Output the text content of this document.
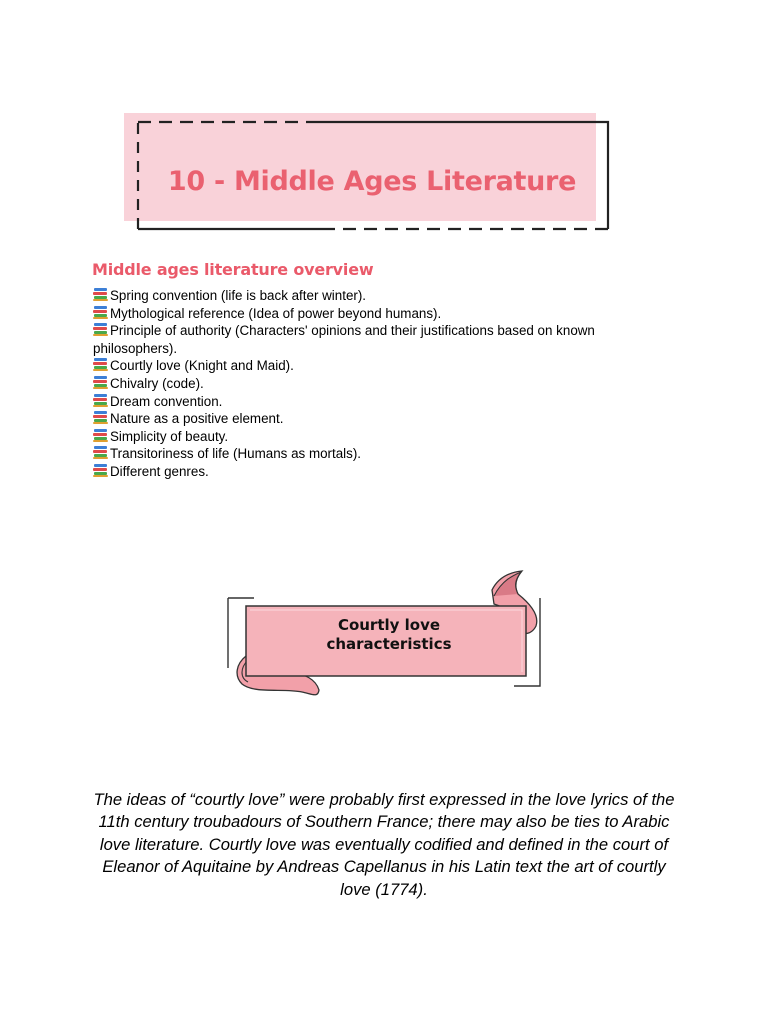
10 - Middle Ages Literature
Middle ages literature overview
Spring convention (life is back after winter).
Mythological reference (Idea of power beyond humans).
Principle of authority (Characters' opinions and their justifications based on known philosophers).
Courtly love (Knight and Maid).
Chivalry (code).
Dream convention.
Nature as a positive element.
Simplicity of beauty.
Transitoriness of life (Humans as mortals).
Different genres.
Courtly love
characteristics

The ideas of “courtly love” were probably first expressed in the love lyrics of the 11th century troubadours of Southern France; there may also be ties to Arabic love literature. Courtly love was eventually codified and defined in the court of Eleanor of Aquitaine by Andreas Capellanus in his Latin text the art of courtly love (1774).
